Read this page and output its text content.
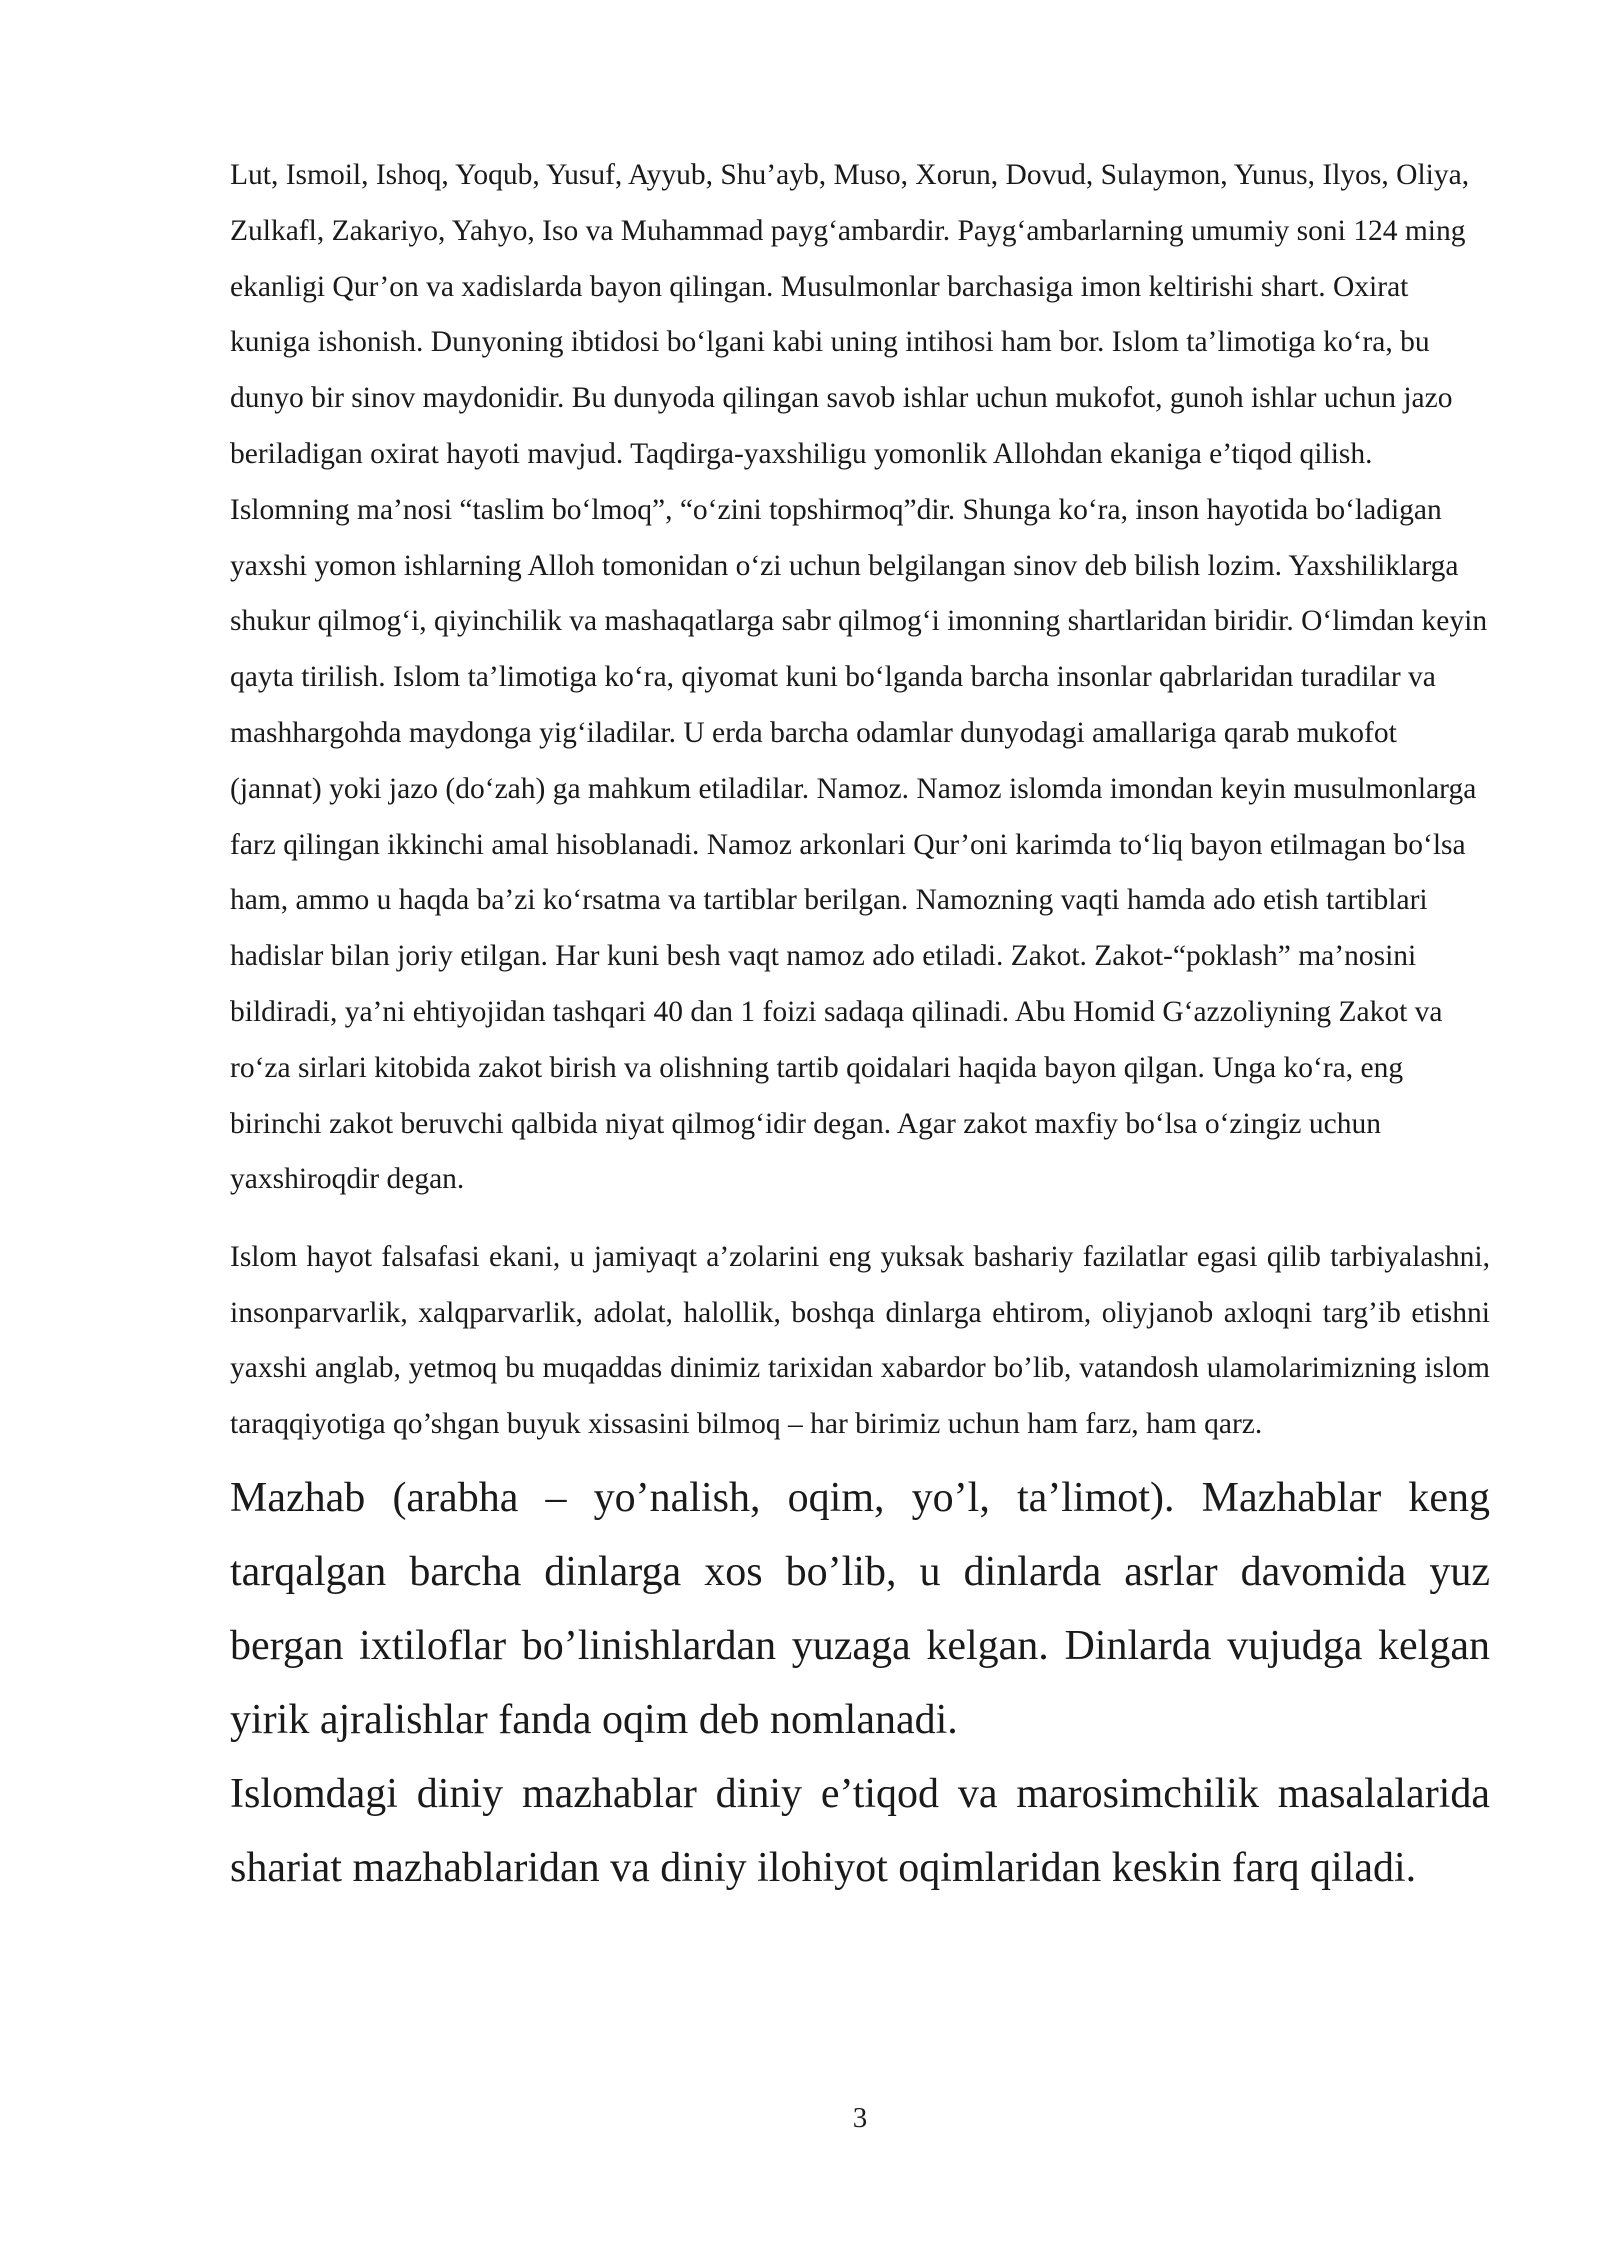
Lut, Ismoil, Ishoq, Yoqub, Yusuf, Ayyub, Shu’ayb, Muso, Xorun, Dovud, Sulaymon, Yunus, Ilyos, Oliya, Zulkafl, Zakariyo, Yahyo, Iso va Muhammad payg‘ambardir. Payg‘ambarlarning umumiy soni 124 ming ekanligi Qur’on va xadislarda bayon qilingan. Musulmonlar barchasiga imon keltirishi shart. Oxirat kuniga ishonish. Dunyoning ibtidosi bo‘lgani kabi uning intihosi ham bor. Islom ta’limotiga ko‘ra, bu dunyo bir sinov maydonidir. Bu dunyoda qilingan savob ishlar uchun mukofot, gunoh ishlar uchun jazo beriladigan oxirat hayoti mavjud. Taqdirga-yaxshiligu yomonlik Allohdan ekaniga e’tiqod qilish. Islomning ma’nosi “taslim bo‘lmoq”, “o‘zini topshirmoq”dir. Shunga ko‘ra, inson hayotida bo‘ladigan yaxshi yomon ishlarning Alloh tomonidan o‘zi uchun belgilangan sinov deb bilish lozim. Yaxshiliklarga shukur qilmog‘i, qiyinchilik va mashaqatlarga sabr qilmog‘i imonning shartlaridan biridir. O‘limdan keyin qayta tirilish. Islom ta’limotiga ko‘ra, qiyomat kuni bo‘lganda barcha insonlar qabrlaridan turadilar va mashhargohda maydonga yig‘iladilar. U erda barcha odamlar dunyodagi amallariga qarab mukofot (jannat) yoki jazo (do‘zah) ga mahkum etiladilar. Namoz. Namoz islomda imondan keyin musulmonlarga farz qilingan ikkinchi amal hisoblanadi. Namoz arkonlari Qur’oni karimda to‘liq bayon etilmagan bo‘lsa ham, ammo u haqda ba’zi ko‘rsatma va tartiblar berilgan. Namozning vaqti hamda ado etish tartiblari hadislar bilan joriy etilgan. Har kuni besh vaqt namoz ado etiladi. Zakot. Zakot-“poklash” ma’nosini bildiradi, ya’ni ehtiyojidan tashqari 40 dan 1 foizi sadaqa qilinadi. Abu Homid G‘azzoliyning Zakot va ro‘za sirlari kitobida zakot birish va olishning tartib qoidalari haqida bayon qilgan. Unga ko‘ra, eng birinchi zakot beruvchi qalbida niyat qilmog‘idir degan. Agar zakot maxfiy bo‘lsa o‘zingiz uchun yaxshiroqdir degan.

Islom hayot falsafasi ekani, u jamiyaqt a’zolarini eng yuksak bashariy fazilatlar egasi qilib tarbiyalashni, insonparvarlik, xalqparvarlik, adolat, halollik, boshqa dinlarga ehtirom, oliyjanob axloqni targ’ib etishni yaxshi anglab, yetmoq bu muqaddas dinimiz tarixidan xabardor bo’lib, vatandosh ulamolarimizning islom taraqqiyotiga qo’shgan buyuk xissasini bilmoq – har birimiz uchun ham farz, ham qarz.

Mazhab (arabha – yo’nalish, oqim, yo’l, ta’limot). Mazhablar keng tarqalgan barcha dinlarga xos bo’lib, u dinlarda asrlar davomida yuz bergan ixtiloflar bo’linishlardan yuzaga kelgan. Dinlarda vujudga kelgan yirik ajralishlar fanda oqim deb nomlanadi.

Islomdagi diniy mazhablar diniy e’tiqod va marosimchilik masalalarida shariat mazhablaridan va diniy ilohiyot oqimlaridan keskin farq qiladi.

3
